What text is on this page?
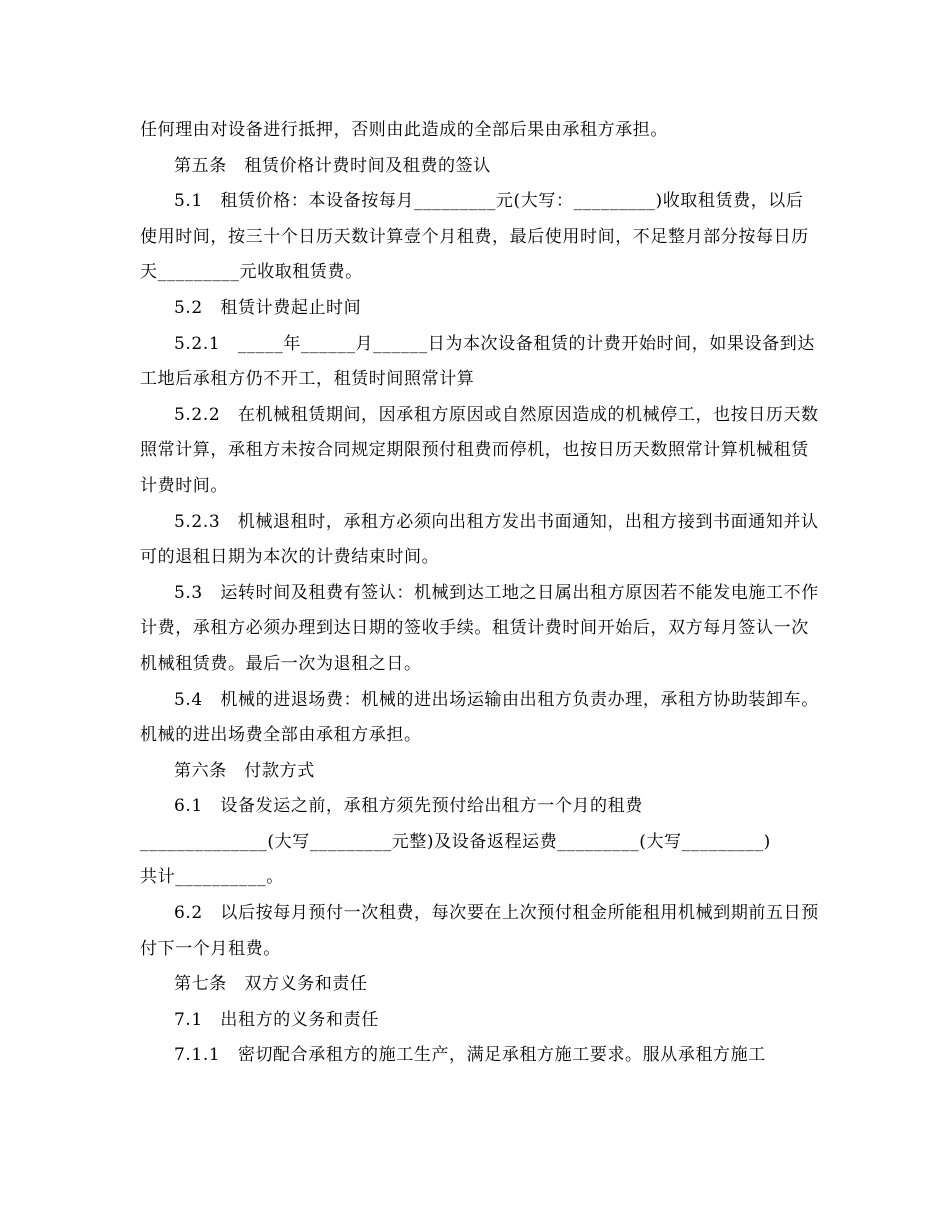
任何理由对设备进行抵押，否则由此造成的全部后果由承租方承担。

第五条　租赁价格计费时间及租费的签认

5.1　租赁价格：本设备按每月_________元(大写：_________)收取租赁费，以后使用时间，按三十个日历天数计算壹个月租费，最后使用时间，不足整月部分按每日历天_________元收取租赁费。

5.2　租赁计费起止时间

5.2.1　_____年______月______日为本次设备租赁的计费开始时间，如果设备到达工地后承租方仍不开工，租赁时间照常计算

5.2.2　在机械租赁期间，因承租方原因或自然原因造成的机械停工，也按日历天数照常计算，承租方未按合同规定期限预付租费而停机，也按日历天数照常计算机械租赁计费时间。

5.2.3　机械退租时，承租方必须向出租方发出书面通知，出租方接到书面通知并认可的退租日期为本次的计费结束时间。

5.3　运转时间及租费有签认：机械到达工地之日属出租方原因若不能发电施工不作计费，承租方必须办理到达日期的签收手续。租赁计费时间开始后，双方每月签认一次机械租赁费。最后一次为退租之日。

5.4　机械的进退场费：机械的进出场运输由出租方负责办理，承租方协助装卸车。机械的进出场费全部由承租方承担。

第六条　付款方式

6.1　设备发运之前，承租方须先预付给出租方一个月的租费

______________(大写_________元整)及设备返程运费_________(大写_________)

共计__________。

6.2　以后按每月预付一次租费，每次要在上次预付租金所能租用机械到期前五日预付下一个月租费。

第七条　双方义务和责任

7.1　出租方的义务和责任

7.1.1　密切配合承租方的施工生产，满足承租方施工要求。服从承租方施工
